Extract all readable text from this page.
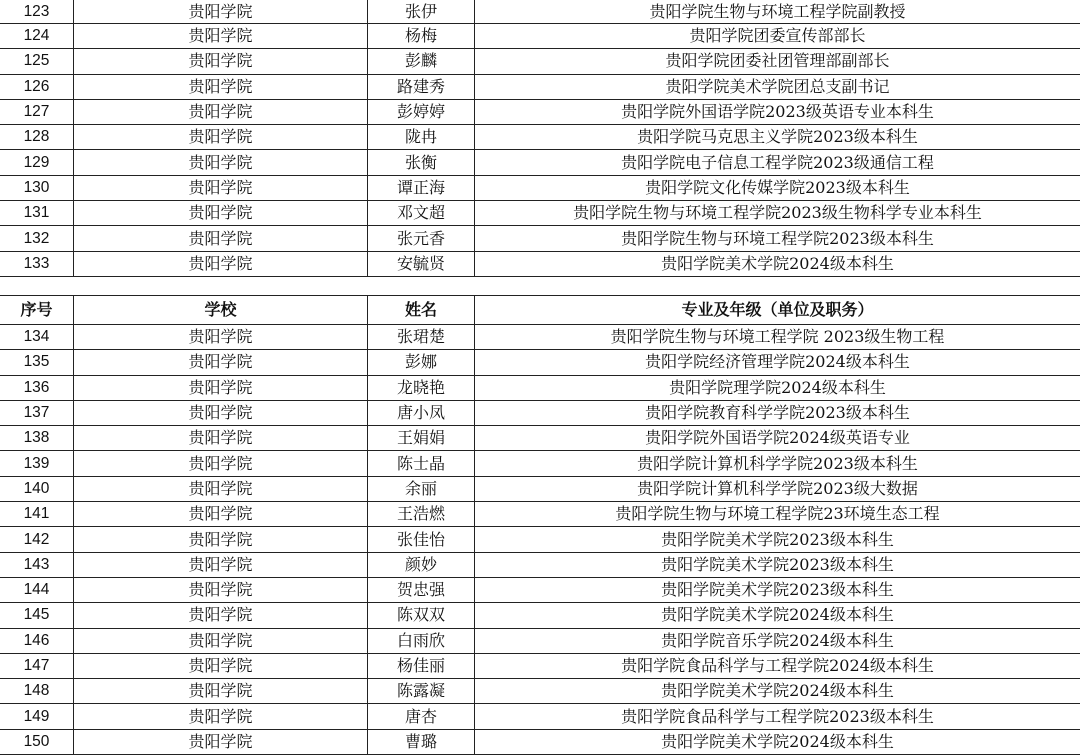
123	贵阳学院	张伊	贵阳学院生物与环境工程学院副教授
124	贵阳学院	杨梅	贵阳学院团委宣传部部长
125	贵阳学院	彭麟	贵阳学院团委社团管理部副部长
126	贵阳学院	路建秀	贵阳学院美术学院团总支副书记
127	贵阳学院	彭婷婷	贵阳学院外国语学院2023级英语专业本科生
128	贵阳学院	陇冉	贵阳学院马克思主义学院2023级本科生
129	贵阳学院	张衡	贵阳学院电子信息工程学院2023级通信工程
130	贵阳学院	谭正海	贵阳学院文化传媒学院2023级本科生
131	贵阳学院	邓文超	贵阳学院生物与环境工程学院2023级生物科学专业本科生
132	贵阳学院	张元香	贵阳学院生物与环境工程学院2023级本科生
133	贵阳学院	安毓贤	贵阳学院美术学院2024级本科生
序号	学校	姓名	专业及年级（单位及职务）
134	贵阳学院	张珺楚	贵阳学院生物与环境工程学院 2023级生物工程
135	贵阳学院	彭娜	贵阳学院经济管理学院2024级本科生
136	贵阳学院	龙晓艳	贵阳学院理学院2024级本科生
137	贵阳学院	唐小凤	贵阳学院教育科学学院2023级本科生
138	贵阳学院	王娟娟	贵阳学院外国语学院2024级英语专业
139	贵阳学院	陈士晶	贵阳学院计算机科学学院2023级本科生
140	贵阳学院	余丽	贵阳学院计算机科学学院2023级大数据
141	贵阳学院	王浩燃	贵阳学院生物与环境工程学院23环境生态工程
142	贵阳学院	张佳怡	贵阳学院美术学院2023级本科生
143	贵阳学院	颜妙	贵阳学院美术学院2023级本科生
144	贵阳学院	贺忠强	贵阳学院美术学院2023级本科生
145	贵阳学院	陈双双	贵阳学院美术学院2024级本科生
146	贵阳学院	白雨欣	贵阳学院音乐学院2024级本科生
147	贵阳学院	杨佳丽	贵阳学院食品科学与工程学院2024级本科生
148	贵阳学院	陈露凝	贵阳学院美术学院2024级本科生
149	贵阳学院	唐杏	贵阳学院食品科学与工程学院2023级本科生
150	贵阳学院	曹璐	贵阳学院美术学院2024级本科生
